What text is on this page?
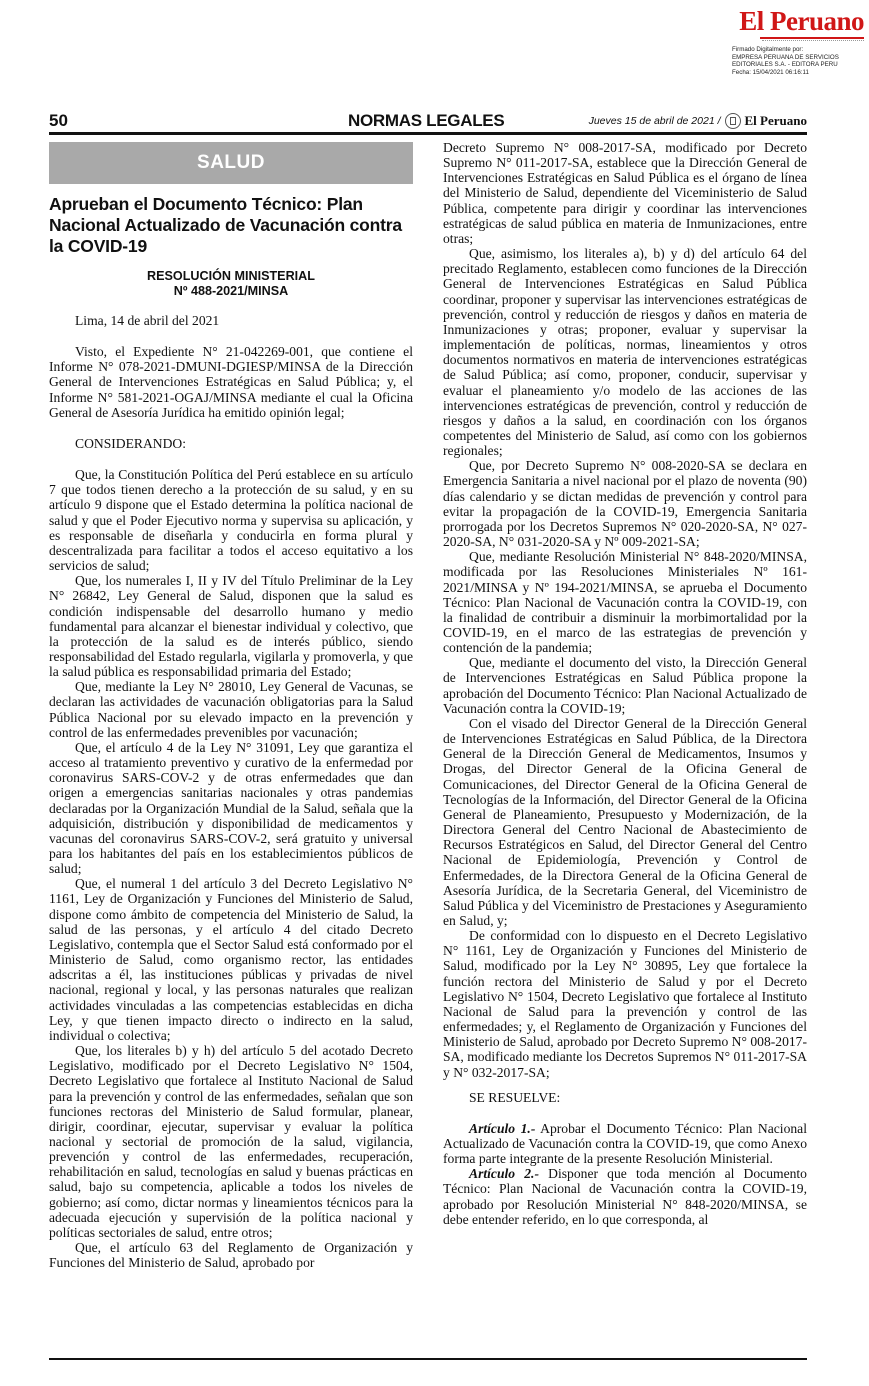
El Peruano
Firmado Digitalmente por:
EMPRESA PERUANA DE SERVICIOS
EDITORIALES S.A. - EDITORA PERU
Fecha: 15/04/2021 06:16:11
50	NORMAS LEGALES	Jueves 15 de abril de 2021 / El Peruano
SALUD
Aprueban el Documento Técnico: Plan Nacional Actualizado de Vacunación contra la COVID-19
RESOLUCIÓN MINISTERIAL
Nº 488-2021/MINSA

Lima, 14 de abril del 2021

Visto, el Expediente N° 21-042269-001, que contiene el Informe N° 078-2021-DMUNI-DGIESP/MINSA de la Dirección General de Intervenciones Estratégicas en Salud Pública; y, el Informe N° 581-2021-OGAJ/MINSA mediante el cual la Oficina General de Asesoría Jurídica ha emitido opinión legal;

CONSIDERANDO:

Que, la Constitución Política del Perú establece en su artículo 7 que todos tienen derecho a la protección de su salud, y en su artículo 9 dispone que el Estado determina la política nacional de salud y que el Poder Ejecutivo norma y supervisa su aplicación, y es responsable de diseñarla y conducirla en forma plural y descentralizada para facilitar a todos el acceso equitativo a los servicios de salud;

Que, los numerales I, II y IV del Título Preliminar de la Ley N° 26842, Ley General de Salud, disponen que la salud es condición indispensable del desarrollo humano y medio fundamental para alcanzar el bienestar individual y colectivo, que la protección de la salud es de interés público, siendo responsabilidad del Estado regularla, vigilarla y promoverla, y que la salud pública es responsabilidad primaria del Estado;

Que, mediante la Ley N° 28010, Ley General de Vacunas, se declaran las actividades de vacunación obligatorias para la Salud Pública Nacional por su elevado impacto en la prevención y control de las enfermedades prevenibles por vacunación;

Que, el artículo 4 de la Ley N° 31091, Ley que garantiza el acceso al tratamiento preventivo y curativo de la enfermedad por coronavirus SARS-COV-2 y de otras enfermedades que dan origen a emergencias sanitarias nacionales y otras pandemias declaradas por la Organización Mundial de la Salud, señala que la adquisición, distribución y disponibilidad de medicamentos y vacunas del coronavirus SARS-COV-2, será gratuito y universal para los habitantes del país en los establecimientos públicos de salud;

Que, el numeral 1 del artículo 3 del Decreto Legislativo N° 1161, Ley de Organización y Funciones del Ministerio de Salud, dispone como ámbito de competencia del Ministerio de Salud, la salud de las personas, y el artículo 4 del citado Decreto Legislativo, contempla que el Sector Salud está conformado por el Ministerio de Salud, como organismo rector, las entidades adscritas a él, las instituciones públicas y privadas de nivel nacional, regional y local, y las personas naturales que realizan actividades vinculadas a las competencias establecidas en dicha Ley, y que tienen impacto directo o indirecto en la salud, individual o colectiva;

Que, los literales b) y h) del artículo 5 del acotado Decreto Legislativo, modificado por el Decreto Legislativo N° 1504, Decreto Legislativo que fortalece al Instituto Nacional de Salud para la prevención y control de las enfermedades, señalan que son funciones rectoras del Ministerio de Salud formular, planear, dirigir, coordinar, ejecutar, supervisar y evaluar la política nacional y sectorial de promoción de la salud, vigilancia, prevención y control de las enfermedades, recuperación, rehabilitación en salud, tecnologías en salud y buenas prácticas en salud, bajo su competencia, aplicable a todos los niveles de gobierno; así como, dictar normas y lineamientos técnicos para la adecuada ejecución y supervisión de la política nacional y políticas sectoriales de salud, entre otros;

Que, el artículo 63 del Reglamento de Organización y Funciones del Ministerio de Salud, aprobado por

Decreto Supremo N° 008-2017-SA, modificado por Decreto Supremo N° 011-2017-SA, establece que la Dirección General de Intervenciones Estratégicas en Salud Pública es el órgano de línea del Ministerio de Salud, dependiente del Viceministerio de Salud Pública, competente para dirigir y coordinar las intervenciones estratégicas de salud pública en materia de Inmunizaciones, entre otras;

Que, asimismo, los literales a), b) y d) del artículo 64 del precitado Reglamento, establecen como funciones de la Dirección General de Intervenciones Estratégicas en Salud Pública coordinar, proponer y supervisar las intervenciones estratégicas de prevención, control y reducción de riesgos y daños en materia de Inmunizaciones y otras; proponer, evaluar y supervisar la implementación de políticas, normas, lineamientos y otros documentos normativos en materia de intervenciones estratégicas de Salud Pública; así como, proponer, conducir, supervisar y evaluar el planeamiento y/o modelo de las acciones de las intervenciones estratégicas de prevención, control y reducción de riesgos y daños a la salud, en coordinación con los órganos competentes del Ministerio de Salud, así como con los gobiernos regionales;

Que, por Decreto Supremo N° 008-2020-SA se declara en Emergencia Sanitaria a nivel nacional por el plazo de noventa (90) días calendario y se dictan medidas de prevención y control para evitar la propagación de la COVID-19, Emergencia Sanitaria prorrogada por los Decretos Supremos N° 020-2020-SA, N° 027-2020-SA, N° 031-2020-SA y Nº 009-2021-SA;

Que, mediante Resolución Ministerial N° 848-2020/MINSA, modificada por las Resoluciones Ministeriales Nº 161-2021/MINSA y Nº 194-2021/MINSA, se aprueba el Documento Técnico: Plan Nacional de Vacunación contra la COVID-19, con la finalidad de contribuir a disminuir la morbimortalidad por la COVID-19, en el marco de las estrategias de prevención y contención de la pandemia;

Que, mediante el documento del visto, la Dirección General de Intervenciones Estratégicas en Salud Pública propone la aprobación del Documento Técnico: Plan Nacional Actualizado de Vacunación contra la COVID-19;

Con el visado del Director General de la Dirección General de Intervenciones Estratégicas en Salud Pública, de la Directora General de la Dirección General de Medicamentos, Insumos y Drogas, del Director General de la Oficina General de Comunicaciones, del Director General de la Oficina General de Tecnologías de la Información, del Director General de la Oficina General de Planeamiento, Presupuesto y Modernización, de la Directora General del Centro Nacional de Abastecimiento de Recursos Estratégicos en Salud, del Director General del Centro Nacional de Epidemiología, Prevención y Control de Enfermedades, de la Directora General de la Oficina General de Asesoría Jurídica, de la Secretaria General, del Viceministro de Salud Pública y del Viceministro de Prestaciones y Aseguramiento en Salud, y;

De conformidad con lo dispuesto en el Decreto Legislativo N° 1161, Ley de Organización y Funciones del Ministerio de Salud, modificado por la Ley N° 30895, Ley que fortalece la función rectora del Ministerio de Salud y por el Decreto Legislativo N° 1504, Decreto Legislativo que fortalece al Instituto Nacional de Salud para la prevención y control de las enfermedades; y, el Reglamento de Organización y Funciones del Ministerio de Salud, aprobado por Decreto Supremo N° 008-2017-SA, modificado mediante los Decretos Supremos N° 011-2017-SA y N° 032-2017-SA;

SE RESUELVE:

Artículo 1.- Aprobar el Documento Técnico: Plan Nacional Actualizado de Vacunación contra la COVID-19, que como Anexo forma parte integrante de la presente Resolución Ministerial.

Artículo 2.- Disponer que toda mención al Documento Técnico: Plan Nacional de Vacunación contra la COVID-19, aprobado por Resolución Ministerial N° 848-2020/MINSA, se debe entender referido, en lo que corresponda, al
